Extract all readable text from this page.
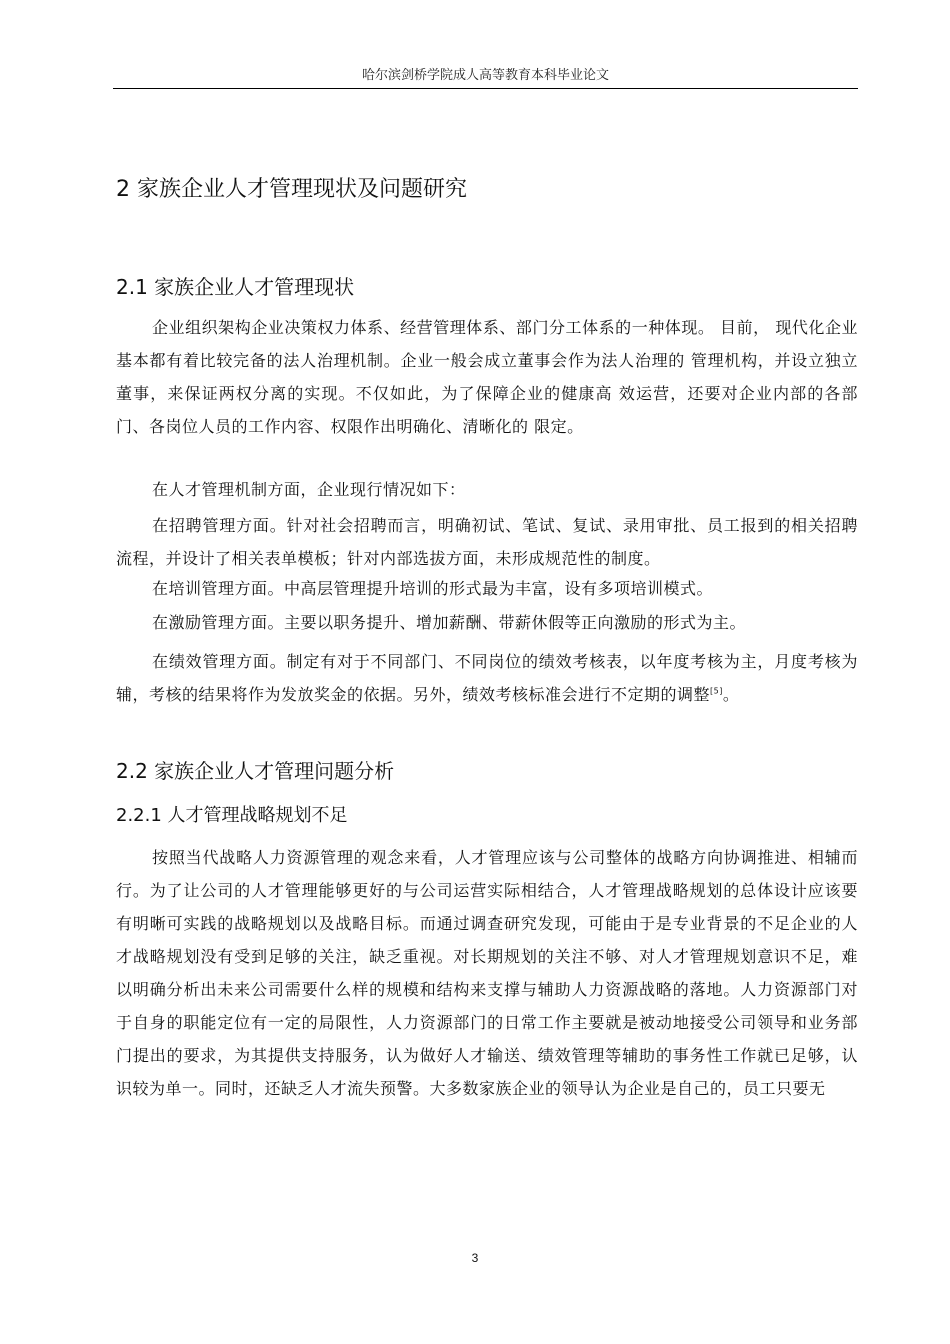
哈尔滨剑桥学院成人高等教育本科毕业论文
2 家族企业人才管理现状及问题研究
2.1 家族企业人才管理现状

企业组织架构企业决策权力体系、经营管理体系、部门分工体系的一种体现。 目前， 现代化企业基本都有着比较完备的法人治理机制。企业一般会成立董事会作为法人治理的 管理机构，并设立独立董事，来保证两权分离的实现。不仅如此，为了保障企业的健康高 效运营，还要对企业内部的各部门、各岗位人员的工作内容、权限作出明确化、清晰化的 限定。

在人才管理机制方面，企业现行情况如下：

在招聘管理方面。针对社会招聘而言，明确初试、笔试、复试、录用审批、员工报到的相关招聘流程，并设计了相关表单模板；针对内部选拔方面，未形成规范性的制度。

在培训管理方面。中高层管理提升培训的形式最为丰富，设有多项培训模式。

在激励管理方面。主要以职务提升、增加薪酬、带薪休假等正向激励的形式为主。

在绩效管理方面。制定有对于不同部门、不同岗位的绩效考核表，以年度考核为主，月度考核为辅，考核的结果将作为发放奖金的依据。另外，绩效考核标准会进行不定期的调整[5]。

2.2 家族企业人才管理问题分析
2.2.1 人才管理战略规划不足

按照当代战略人力资源管理的观念来看，人才管理应该与公司整体的战略方向协调推进、相辅而行。为了让公司的人才管理能够更好的与公司运营实际相结合，人才管理战略规划的总体设计应该要有明晰可实践的战略规划以及战略目标。而通过调查研究发现，可能由于是专业背景的不足企业的人才战略规划没有受到足够的关注，缺乏重视。对长期规划的关注不够、对人才管理规划意识不足，难以明确分析出未来公司需要什么样的规模和结构来支撑与辅助人力资源战略的落地。人力资源部门对于自身的职能定位有一定的局限性，人力资源部门的日常工作主要就是被动地接受公司领导和业务部门提出的要求，为其提供支持服务，认为做好人才输送、绩效管理等辅助的事务性工作就已足够，认识较为单一。同时，还缺乏人才流失预警。大多数家族企业的领导认为企业是自己的，员工只要无

3
